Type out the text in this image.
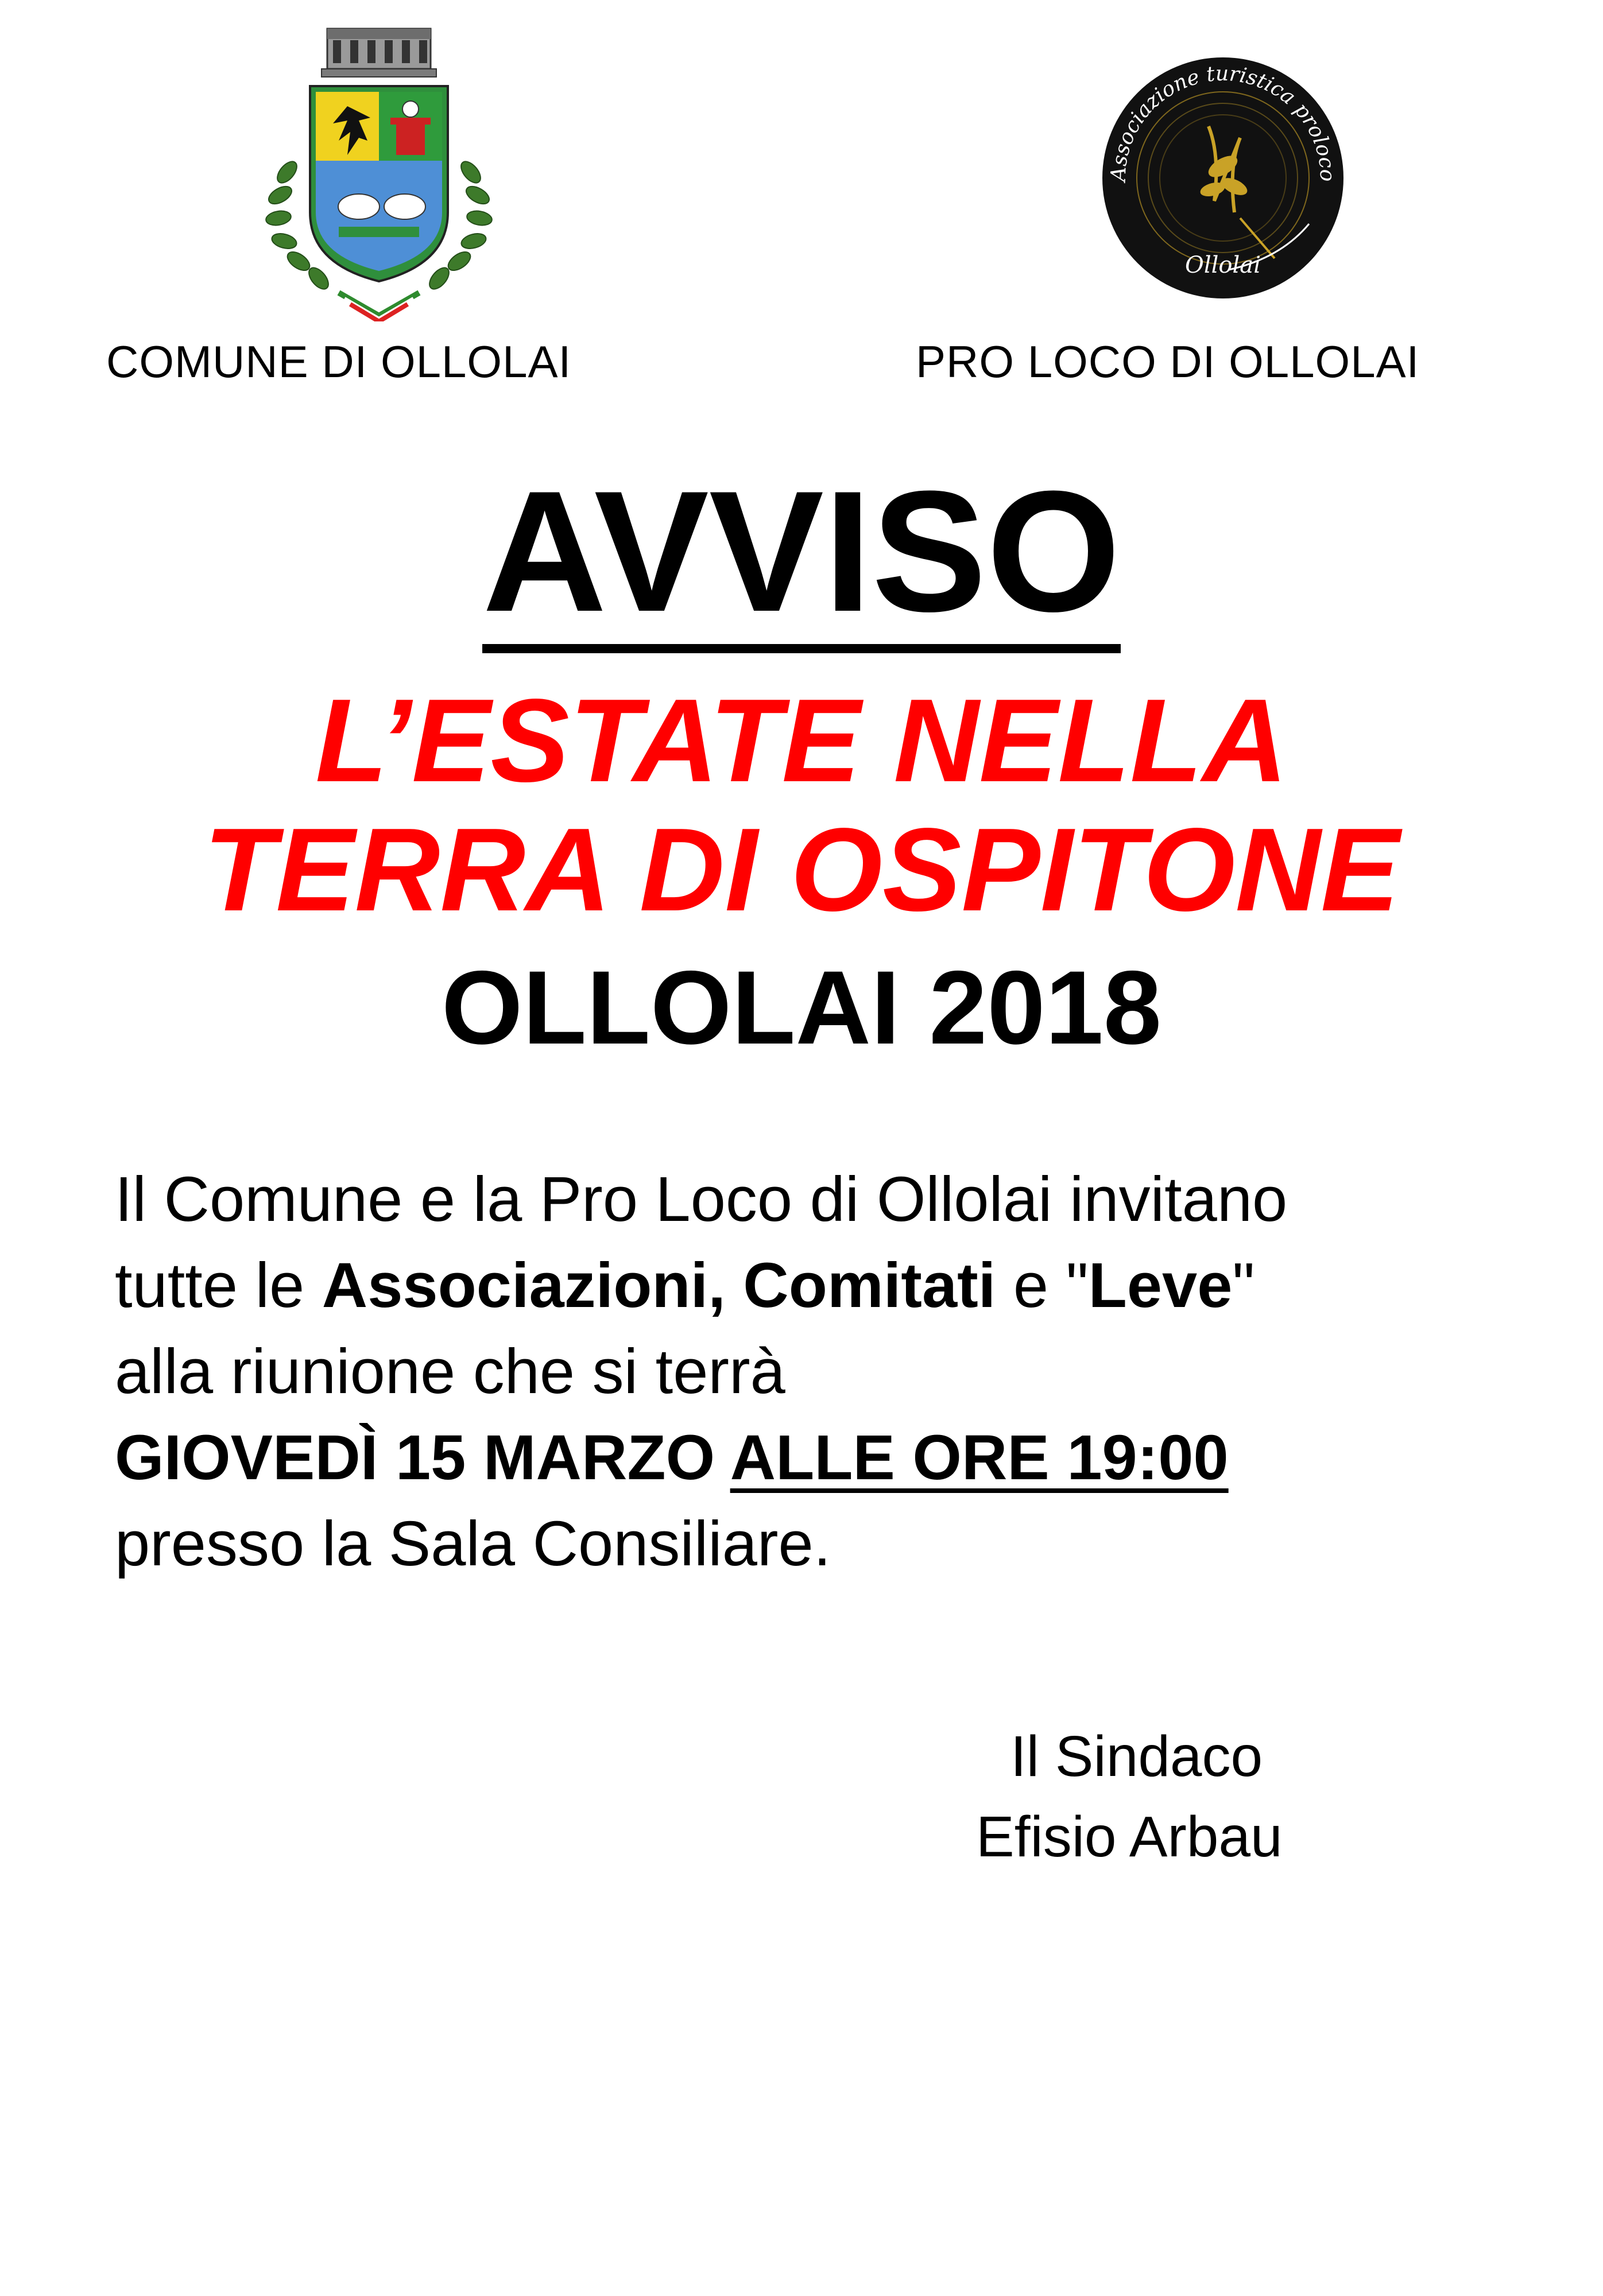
Associazione turistica proloco
Ollolai
COMUNE DI OLLOLAI	PRO LOCO DI OLLOLAI
AVVISO
L’ESTATE NELLA
TERRA DI OSPITONE
OLLOLAI 2018
Il Comune e la Pro Loco di Ollolai invitano
tutte le Associazioni, Comitati e "Leve"
alla riunione che si terrà
GIOVEDÌ 15 MARZO ALLE ORE 19:00
presso la Sala Consiliare.
Il Sindaco
Efisio Arbau
